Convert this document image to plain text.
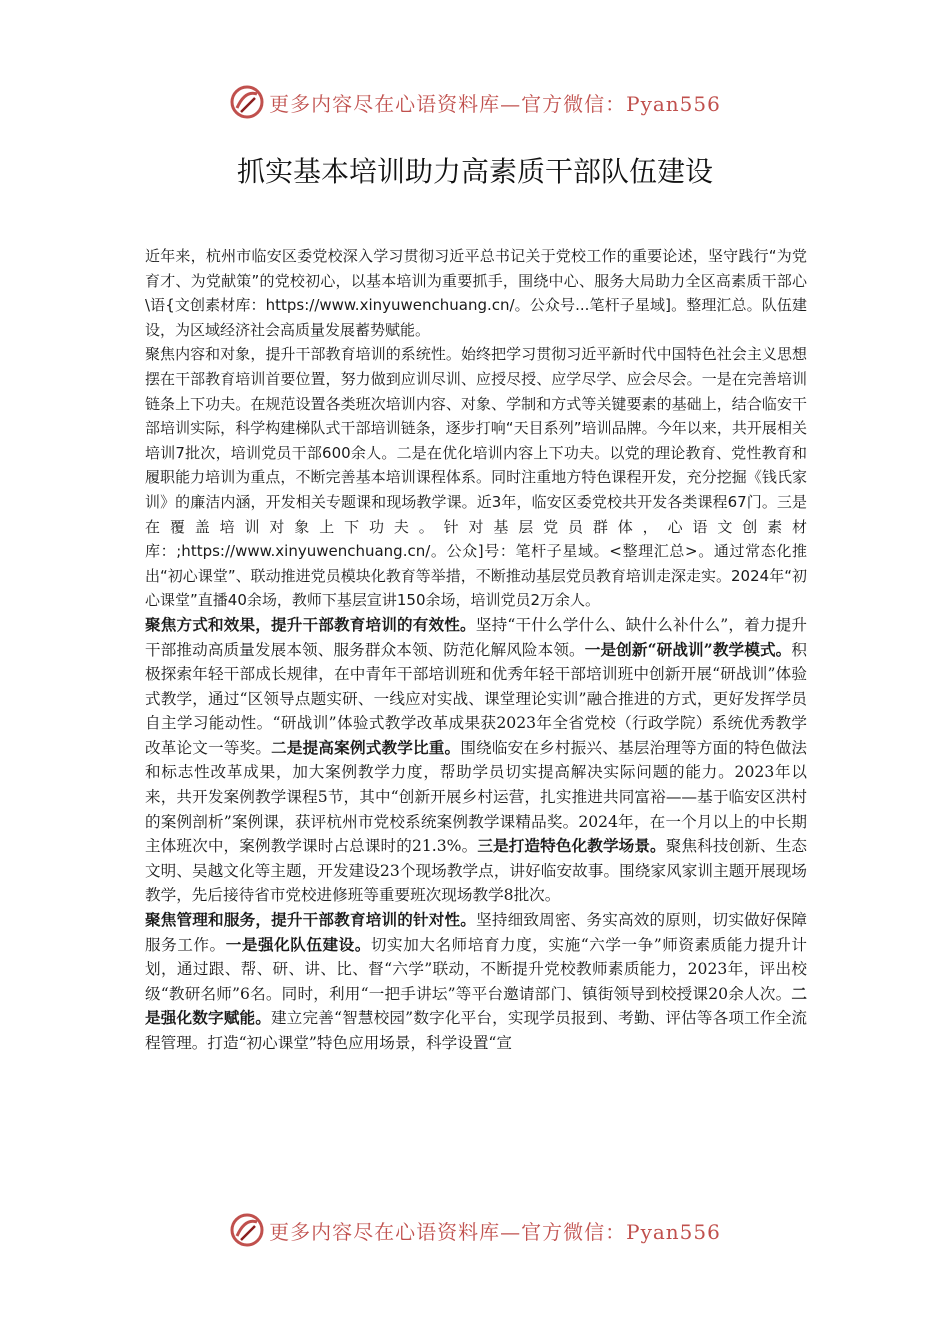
更多内容尽在心语资料库—官方微信：Pyan556
抓实基本培训助力高素质干部队伍建设

近年来，杭州市临安区委党校深入学习贯彻习近平总书记关于党校工作的重要论述，坚守践行“为党育才、为党献策”的党校初心，以基本培训为重要抓手，围绕中心、服务大局助力全区高素质干部心\语{文创素材库：https://www.xinyuwenchuang.cn/。公众号...笔杆子星域]。整理汇总。队伍建设，为区域经济社会高质量发展蓄势赋能。

聚焦内容和对象，提升干部教育培训的系统性。始终把学习贯彻习近平新时代中国特色社会主义思想摆在干部教育培训首要位置，努力做到应训尽训、应授尽授、应学尽学、应会尽会。一是在完善培训链条上下功夫。在规范设置各类班次培训内容、对象、学制和方式等关键要素的基础上，结合临安干部培训实际，科学构建梯队式干部培训链条，逐步打响“天目系列”培训品牌。今年以来，共开展相关培训7批次，培训党员干部600余人。二是在优化培训内容上下功夫。以党的理论教育、党性教育和履职能力培训为重点，不断完善基本培训课程体系。同时注重地方特色课程开发，充分挖掘《钱氏家训》的廉洁内涵，开发相关专题课和现场教学课。近3年，临安区委党校共开发各类课程67门。三是在覆盖培训对象上下功夫。针对基层党员群体，心语文创素材库：;https://www.xinyuwenchuang.cn/。公众]号：笔杆子星域。<整理汇总>。通过常态化推出“初心课堂”、联动推进党员模块化教育等举措，不断推动基层党员教育培训走深走实。2024年“初心课堂”直播40余场，教师下基层宣讲150余场，培训党员2万余人。

聚焦方式和效果，提升干部教育培训的有效性。坚持“干什么学什么、缺什么补什么”，着力提升干部推动高质量发展本领、服务群众本领、防范化解风险本领。一是创新“研战训”教学模式。积极探索年轻干部成长规律，在中青年干部培训班和优秀年轻干部培训班中创新开展“研战训”体验式教学，通过“区领导点题实研、一线应对实战、课堂理论实训”融合推进的方式，更好发挥学员自主学习能动性。“研战训”体验式教学改革成果获2023年全省党校（行政学院）系统优秀教学改革论文一等奖。二是提高案例式教学比重。围绕临安在乡村振兴、基层治理等方面的特色做法和标志性改革成果，加大案例教学力度，帮助学员切实提高解决实际问题的能力。2023年以来，共开发案例教学课程5节，其中“创新开展乡村运营，扎实推进共同富裕——基于临安区洪村的案例剖析”案例课，获评杭州市党校系统案例教学课精品奖。2024年，在一个月以上的中长期主体班次中，案例教学课时占总课时的21.3%。三是打造特色化教学场景。聚焦科技创新、生态文明、吴越文化等主题，开发建设23个现场教学点，讲好临安故事。围绕家风家训主题开展现场教学，先后接待省市党校进修班等重要班次现场教学8批次。

聚焦管理和服务，提升干部教育培训的针对性。坚持细致周密、务实高效的原则，切实做好保障服务工作。一是强化队伍建设。切实加大名师培育力度，实施“六学一争”师资素质能力提升计划，通过跟、帮、研、讲、比、督“六学”联动，不断提升党校教师素质能力，2023年，评出校级“教研名师”6名。同时，利用“一把手讲坛”等平台邀请部门、镇街领导到校授课20余人次。二是强化数字赋能。建立完善“智慧校园”数字化平台，实现学员报到、考勤、评估等各项工作全流程管理。打造“初心课堂”特色应用场景，科学设置“宣

更多内容尽在心语资料库—官方微信：Pyan556
